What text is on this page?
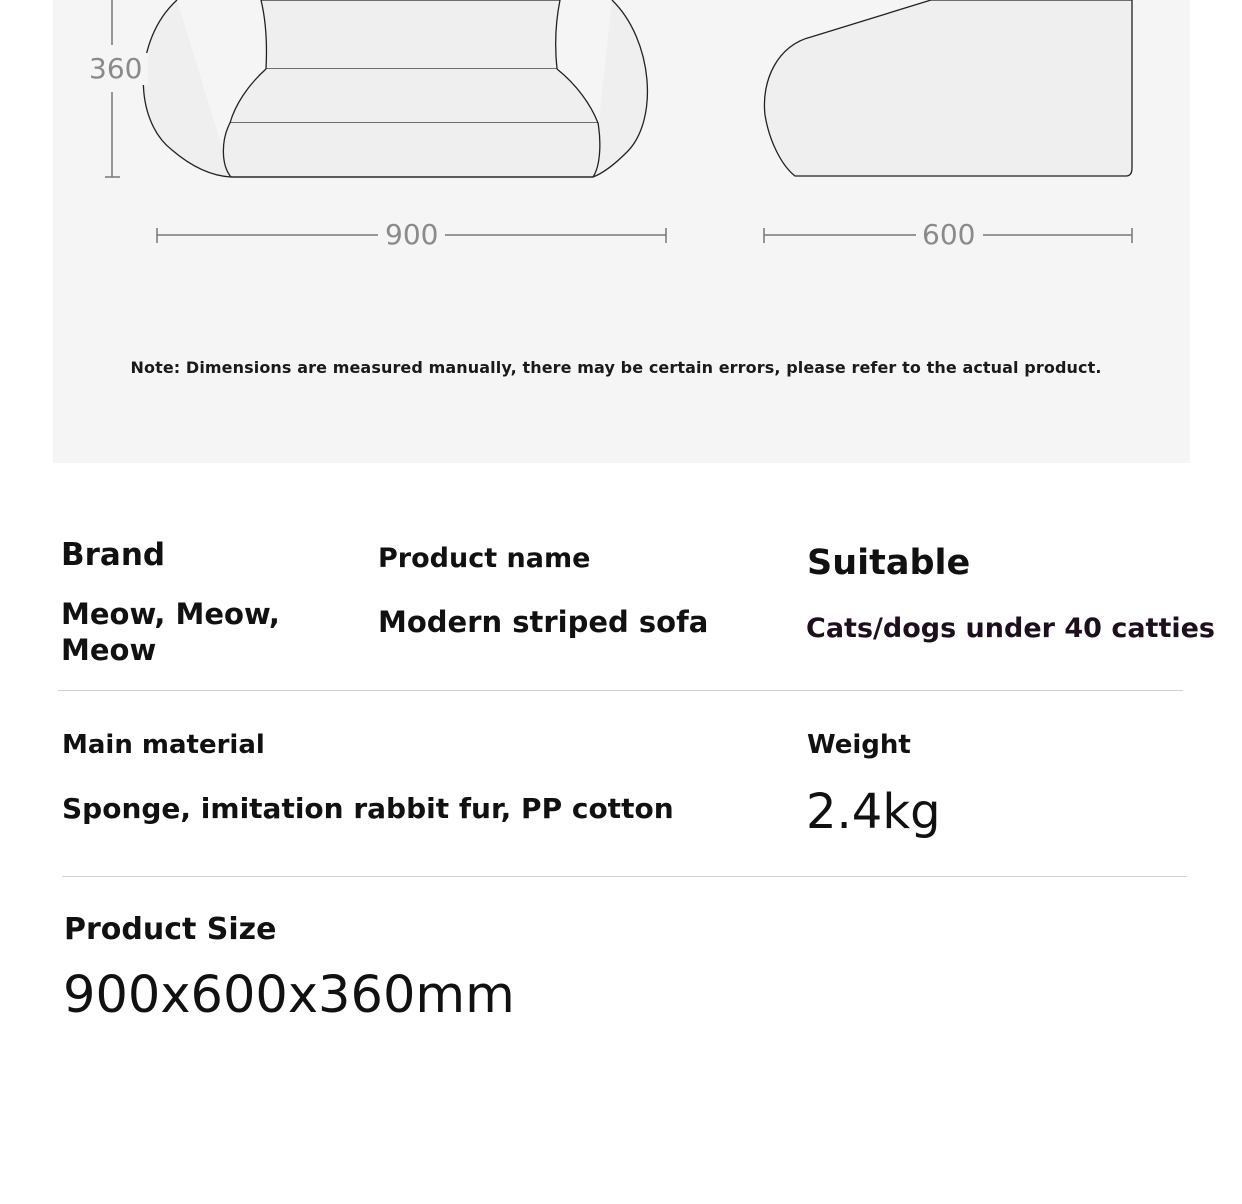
360
900	600
Note: Dimensions are measured manually, there may be certain errors, please refer to the actual product.
Brand
Meow, Meow, Meow
Product name
Modern striped sofa
Suitable
Cats/dogs under 40 catties
Main material
Sponge, imitation rabbit fur, PP cotton
Weight
2.4kg
Product Size
900x600x360mm
